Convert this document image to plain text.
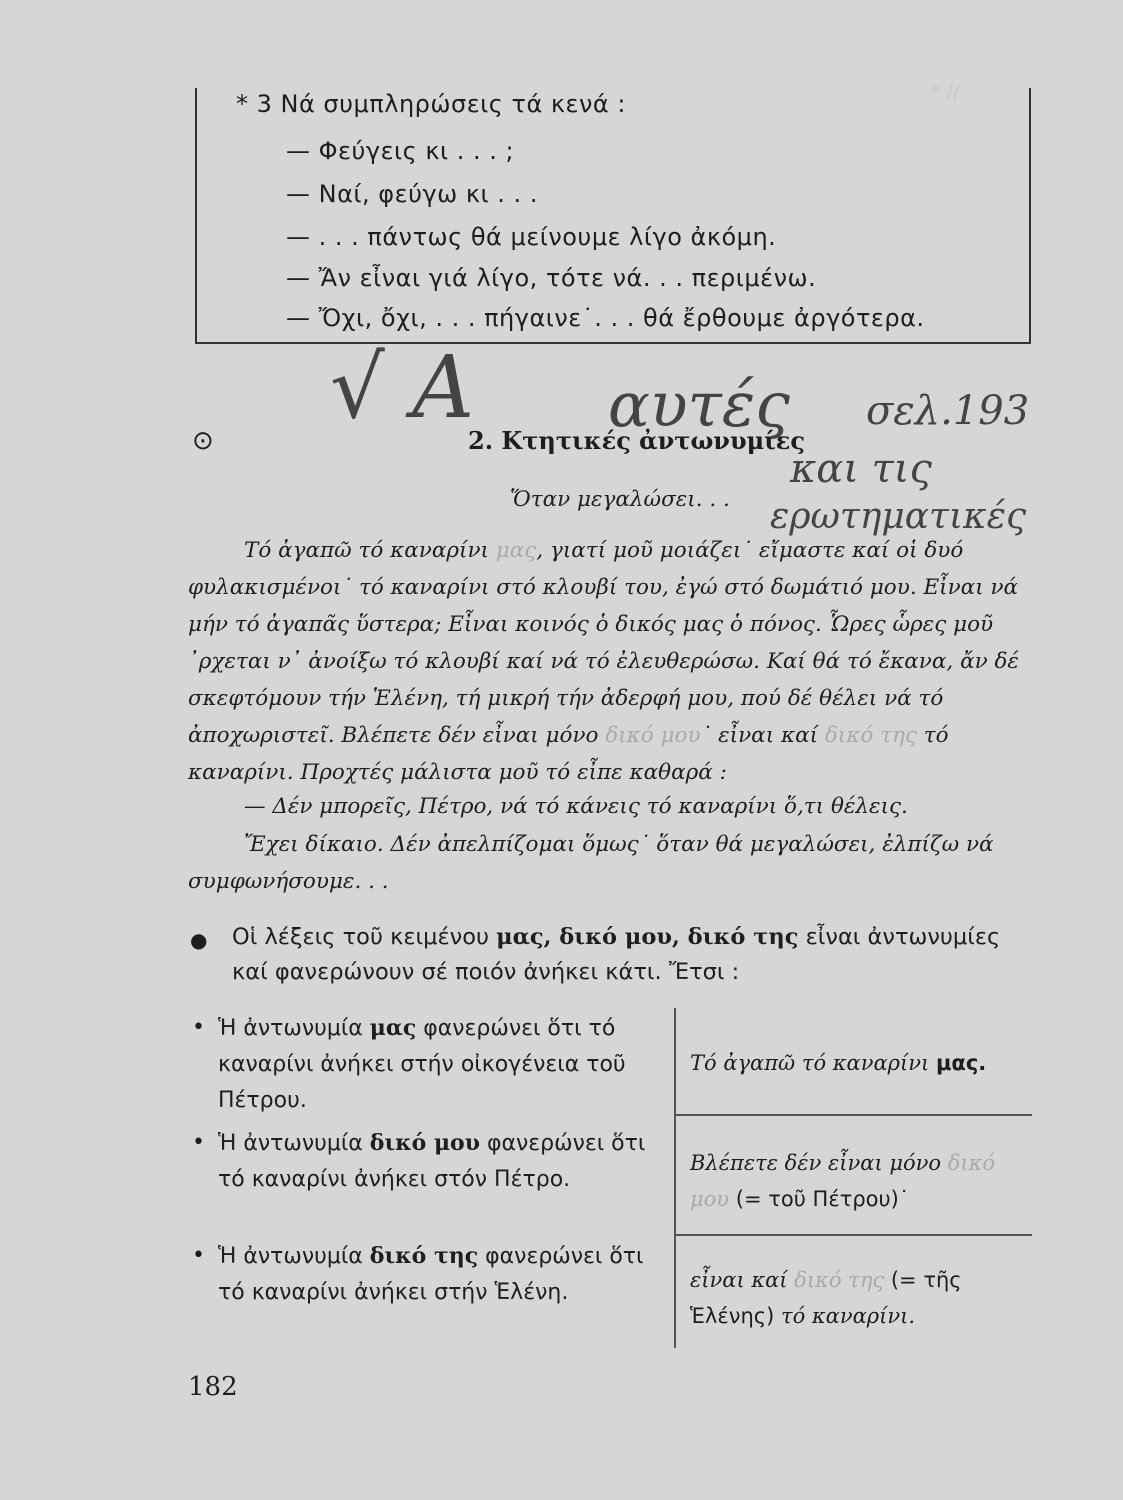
* //
* 3 Νά συμπληρώσεις τά κενά :
— Φεύγεις κι . . . ;
— Ναί, φεύγω κι . . .
— . . . πάντως θά μείνουμε λίγο ἀκόμη.
— Ἄν εἶναι γιά λίγο, τότε νά. . . περιμένω.
— Ὄχι, ὄχι, . . . πήγαινε˙. . . θά ἔρθουμε ἀργότερα.
√ A αυτές σελ.193
και τις
ερωτηματικές
⊙	2. Κτητικές ἀντωνυμίες
Ὅταν μεγαλώσει. . .
Τό ἀγαπῶ τό καναρίνι μας, γιατί μοῦ μοιάζει˙ εἴμαστε καί οἱ δυό φυλακισμένοι˙ τό καναρίνι στό κλουβί του, ἐγώ στό δωμάτιό μου. Εἶναι νά μήν τό ἀγαπᾶς ὕστερα; Εἶναι κοινός ὁ δικός μας ὁ πόνος. Ὧρες ὧρες μοῦ ᾽ρχεται ν᾽ ἀνοίξω τό κλουβί καί νά τό ἐλευθερώσω. Καί θά τό ἔκανα, ἄν δέ σκεφτόμουν τήν Ἑλένη, τή μικρή τήν ἀδερφή μου, πού δέ θέλει νά τό ἀποχωριστεῖ. Βλέπετε δέν εἶναι μόνο δικό μου˙ εἶναι καί δικό της τό καναρίνι. Προχτές μάλιστα μοῦ τό εἶπε καθαρά :
— Δέν μπορεῖς, Πέτρο, νά τό κάνεις τό καναρίνι ὅ,τι θέλεις.
Ἔχει δίκαιο. Δέν ἀπελπίζομαι ὅμως˙ ὅταν θά μεγαλώσει, ἐλπίζω νά συμφωνήσουμε. . .
● Οἱ λέξεις τοῦ κειμένου μας, δικό μου, δικό της εἶναι ἀντωνυμίες καί φανερώνουν σέ ποιόν ἀνήκει κάτι. Ἔτσι :
• Ἡ ἀντωνυμία μας φανερώνει ὅτι τό καναρίνι ἀνήκει στήν οἰκογένεια τοῦ Πέτρου.
• Ἡ ἀντωνυμία δικό μου φανερώνει ὅτι τό καναρίνι ἀνήκει στόν Πέτρο.
• Ἡ ἀντωνυμία δικό της φανερώνει ὅτι τό καναρίνι ἀνήκει στήν Ἑλένη.
Τό ἀγαπῶ τό καναρίνι μας.
Βλέπετε δέν εἶναι μόνο δικό μου (= τοῦ Πέτρου)˙
εἶναι καί δικό της (= τῆς Ἑλένης) τό καναρίνι.
182
